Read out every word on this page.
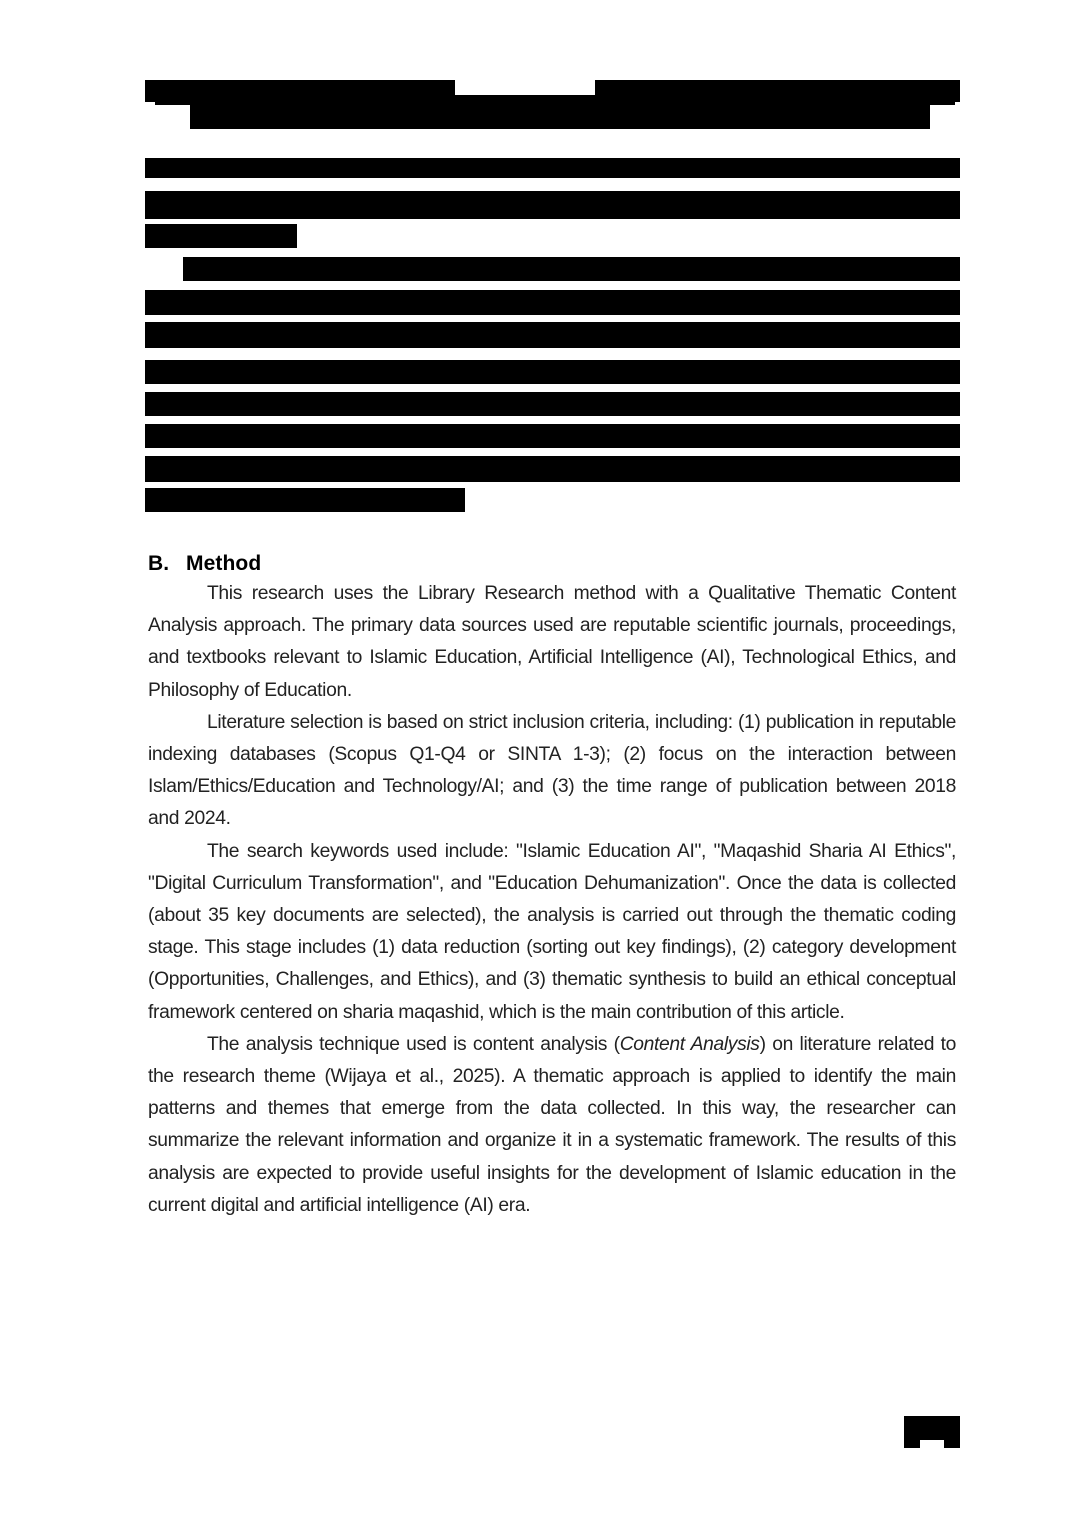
B. Method

This research uses the Library Research method with a Qualitative Thematic Content Analysis approach. The primary data sources used are reputable scientific journals, proceedings, and textbooks relevant to Islamic Education, Artificial Intelligence (AI), Technological Ethics, and Philosophy of Education.

Literature selection is based on strict inclusion criteria, including: (1) publication in reputable indexing databases (Scopus Q1-Q4 or SINTA 1-3); (2) focus on the interaction between Islam/Ethics/Education and Technology/AI; and (3) the time range of publication between 2018 and 2024.

The search keywords used include: "Islamic Education AI", "Maqashid Sharia AI Ethics", "Digital Curriculum Transformation", and "Education Dehumanization". Once the data is collected (about 35 key documents are selected), the analysis is carried out through the thematic coding stage. This stage includes (1) data reduction (sorting out key findings), (2) category development (Opportunities, Challenges, and Ethics), and (3) thematic synthesis to build an ethical conceptual framework centered on sharia maqashid, which is the main contribution of this article.

The analysis technique used is content analysis (Content Analysis) on literature related to the research theme (Wijaya et al., 2025). A thematic approach is applied to identify the main patterns and themes that emerge from the data collected. In this way, the researcher can summarize the relevant information and organize it in a systematic framework. The results of this analysis are expected to provide useful insights for the development of Islamic education in the current digital and artificial intelligence (AI) era.
